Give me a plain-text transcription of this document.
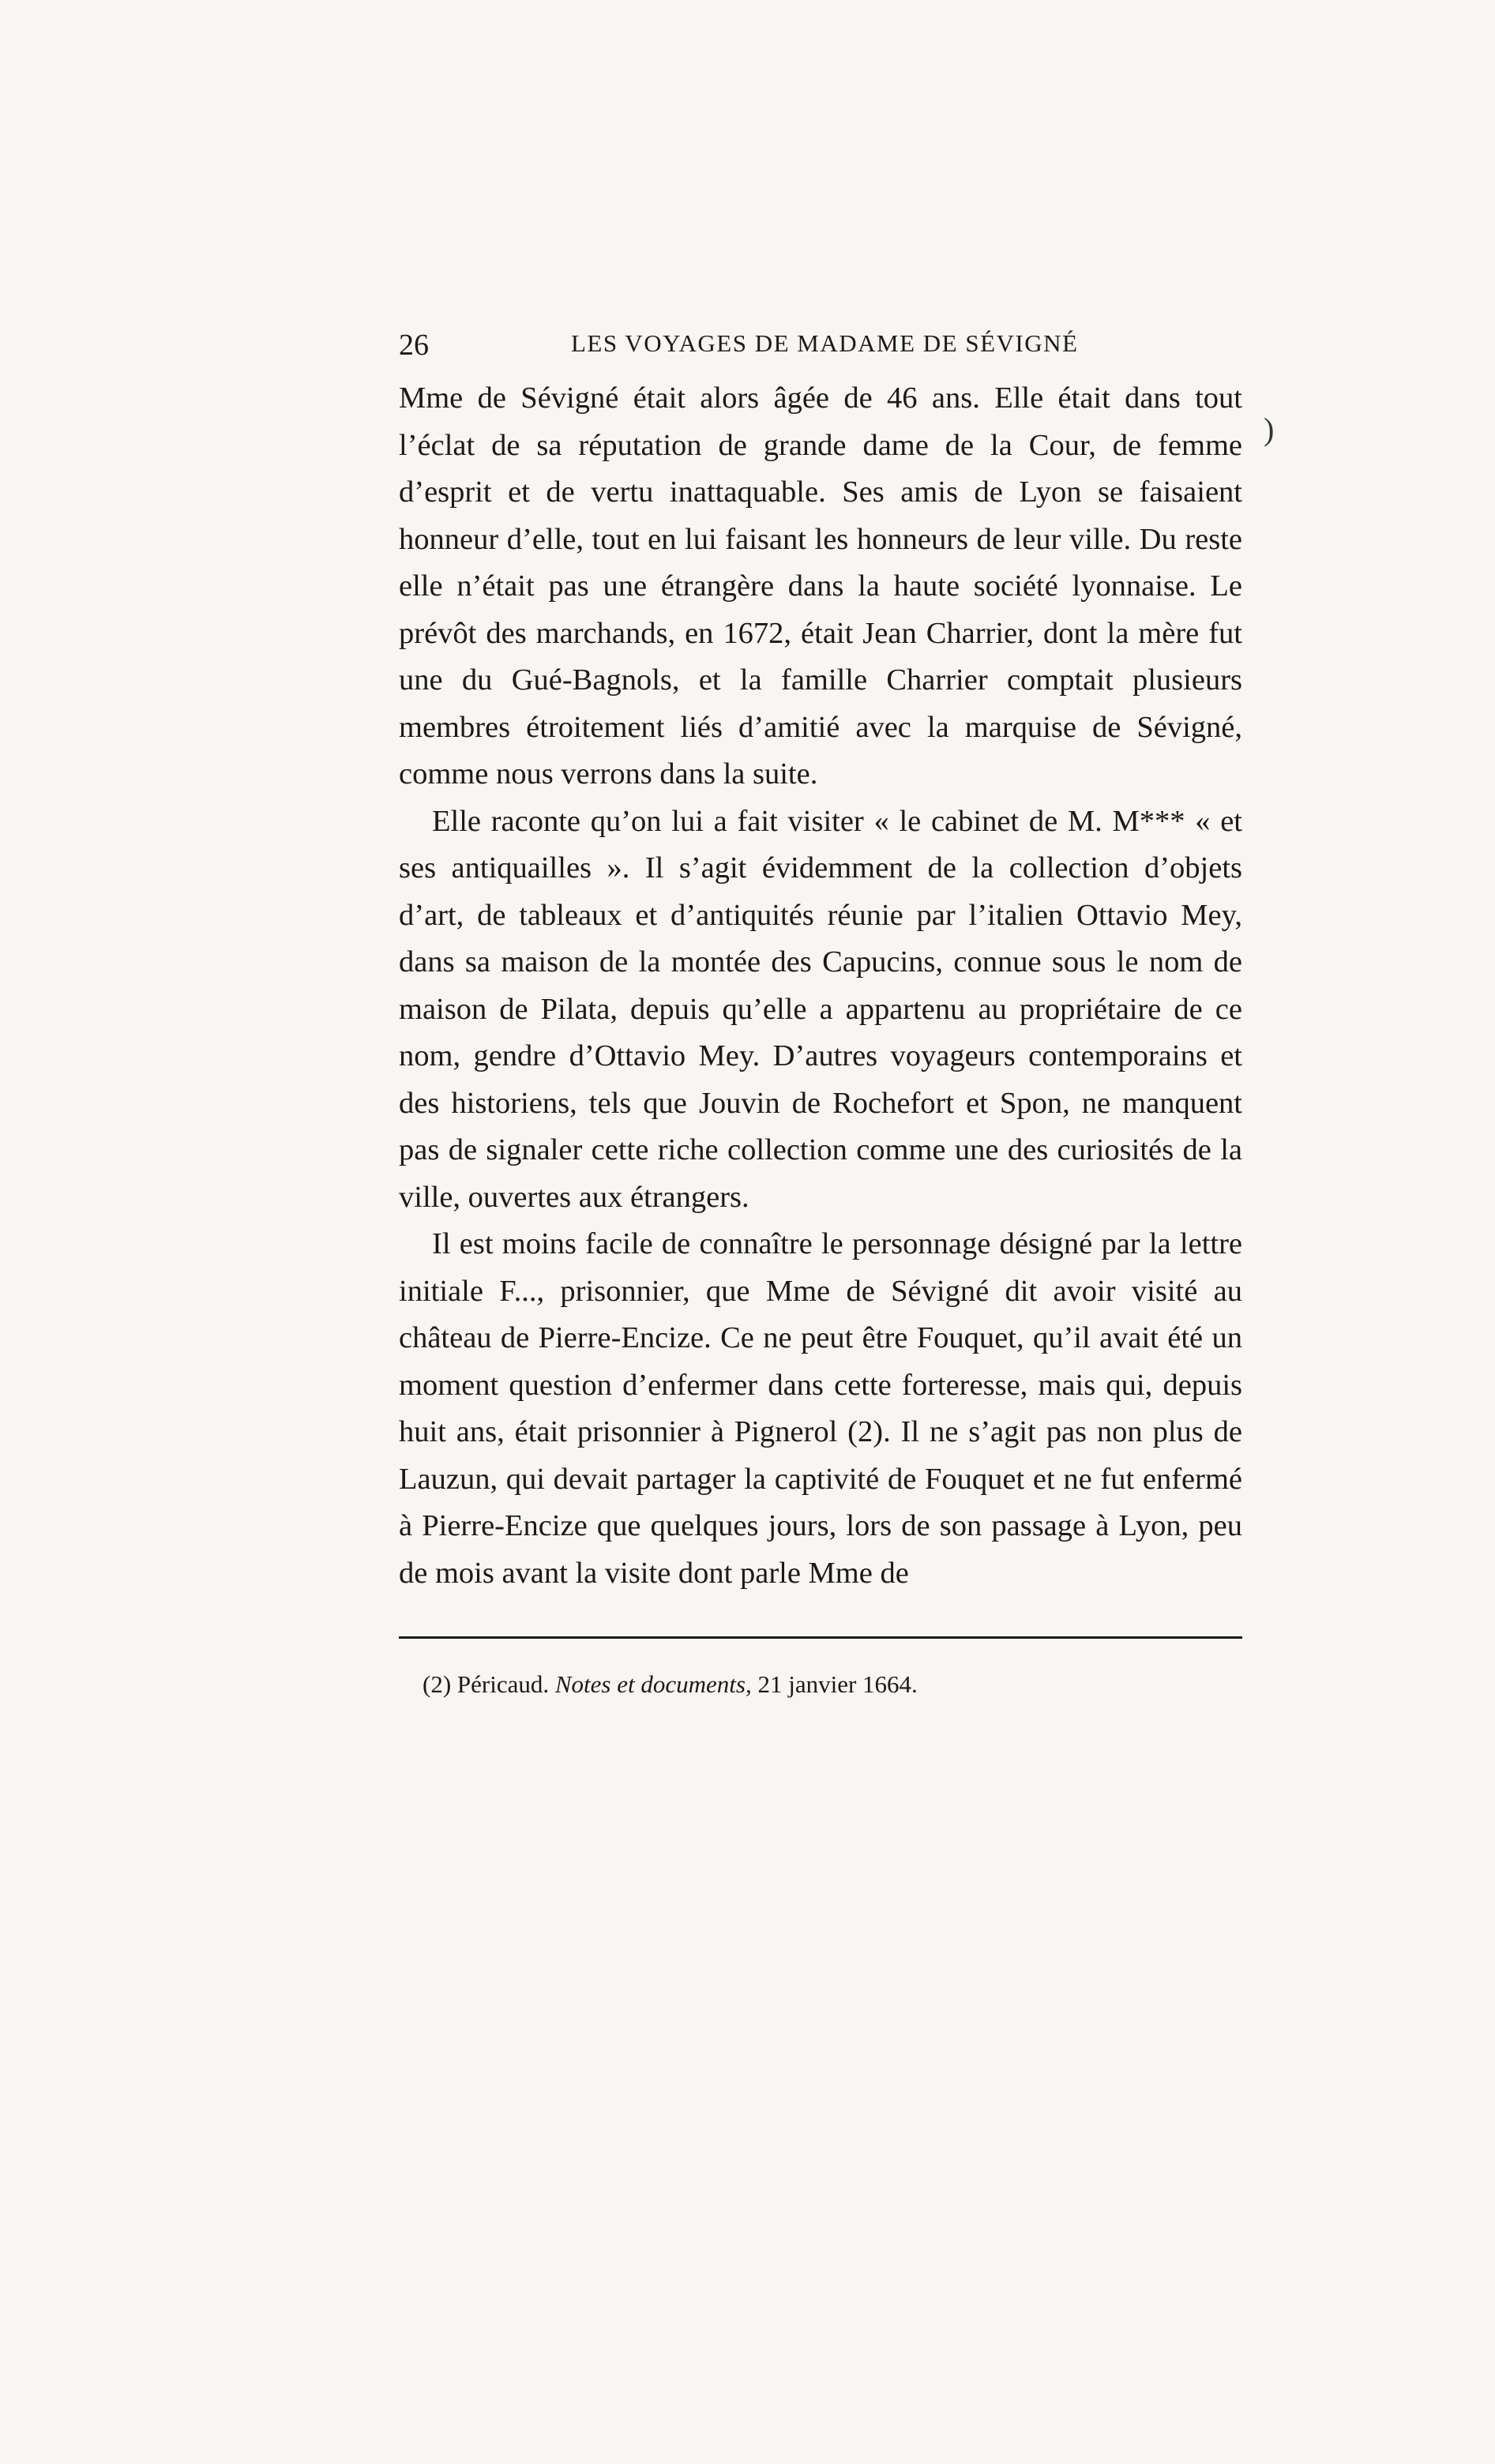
26	LES VOYAGES DE MADAME DE SÉVIGNÉ

Mme de Sévigné était alors âgée de 46 ans. Elle était dans tout l’éclat de sa réputation de grande dame de la Cour, de femme d’esprit et de vertu inattaquable. Ses amis de Lyon se faisaient honneur d’elle, tout en lui faisant les honneurs de leur ville. Du reste elle n’était pas une étrangère dans la haute société lyonnaise. Le prévôt des marchands, en 1672, était Jean Charrier, dont la mère fut une du Gué-Bagnols, et la famille Charrier comptait plusieurs membres étroitement liés d’amitié avec la marquise de Sévigné, comme nous verrons dans la suite.

Elle raconte qu’on lui a fait visiter « le cabinet de M. M*** « et ses antiquailles ». Il s’agit évidemment de la collection d’objets d’art, de tableaux et d’antiquités réunie par l’italien Ottavio Mey, dans sa maison de la montée des Capucins, connue sous le nom de maison de Pilata, depuis qu’elle a appartenu au propriétaire de ce nom, gendre d’Ottavio Mey. D’autres voyageurs contemporains et des historiens, tels que Jouvin de Rochefort et Spon, ne manquent pas de signaler cette riche collection comme une des curiosités de la ville, ouvertes aux étrangers.

Il est moins facile de connaître le personnage désigné par la lettre initiale F..., prisonnier, que Mme de Sévigné dit avoir visité au château de Pierre-Encize. Ce ne peut être Fouquet, qu’il avait été un moment question d’enfermer dans cette forteresse, mais qui, depuis huit ans, était prisonnier à Pignerol (2). Il ne s’agit pas non plus de Lauzun, qui devait partager la captivité de Fouquet et ne fut enfermé à Pierre-Encize que quelques jours, lors de son passage à Lyon, peu de mois avant la visite dont parle Mme de

(2) Péricaud. Notes et documents, 21 janvier 1664.
)
